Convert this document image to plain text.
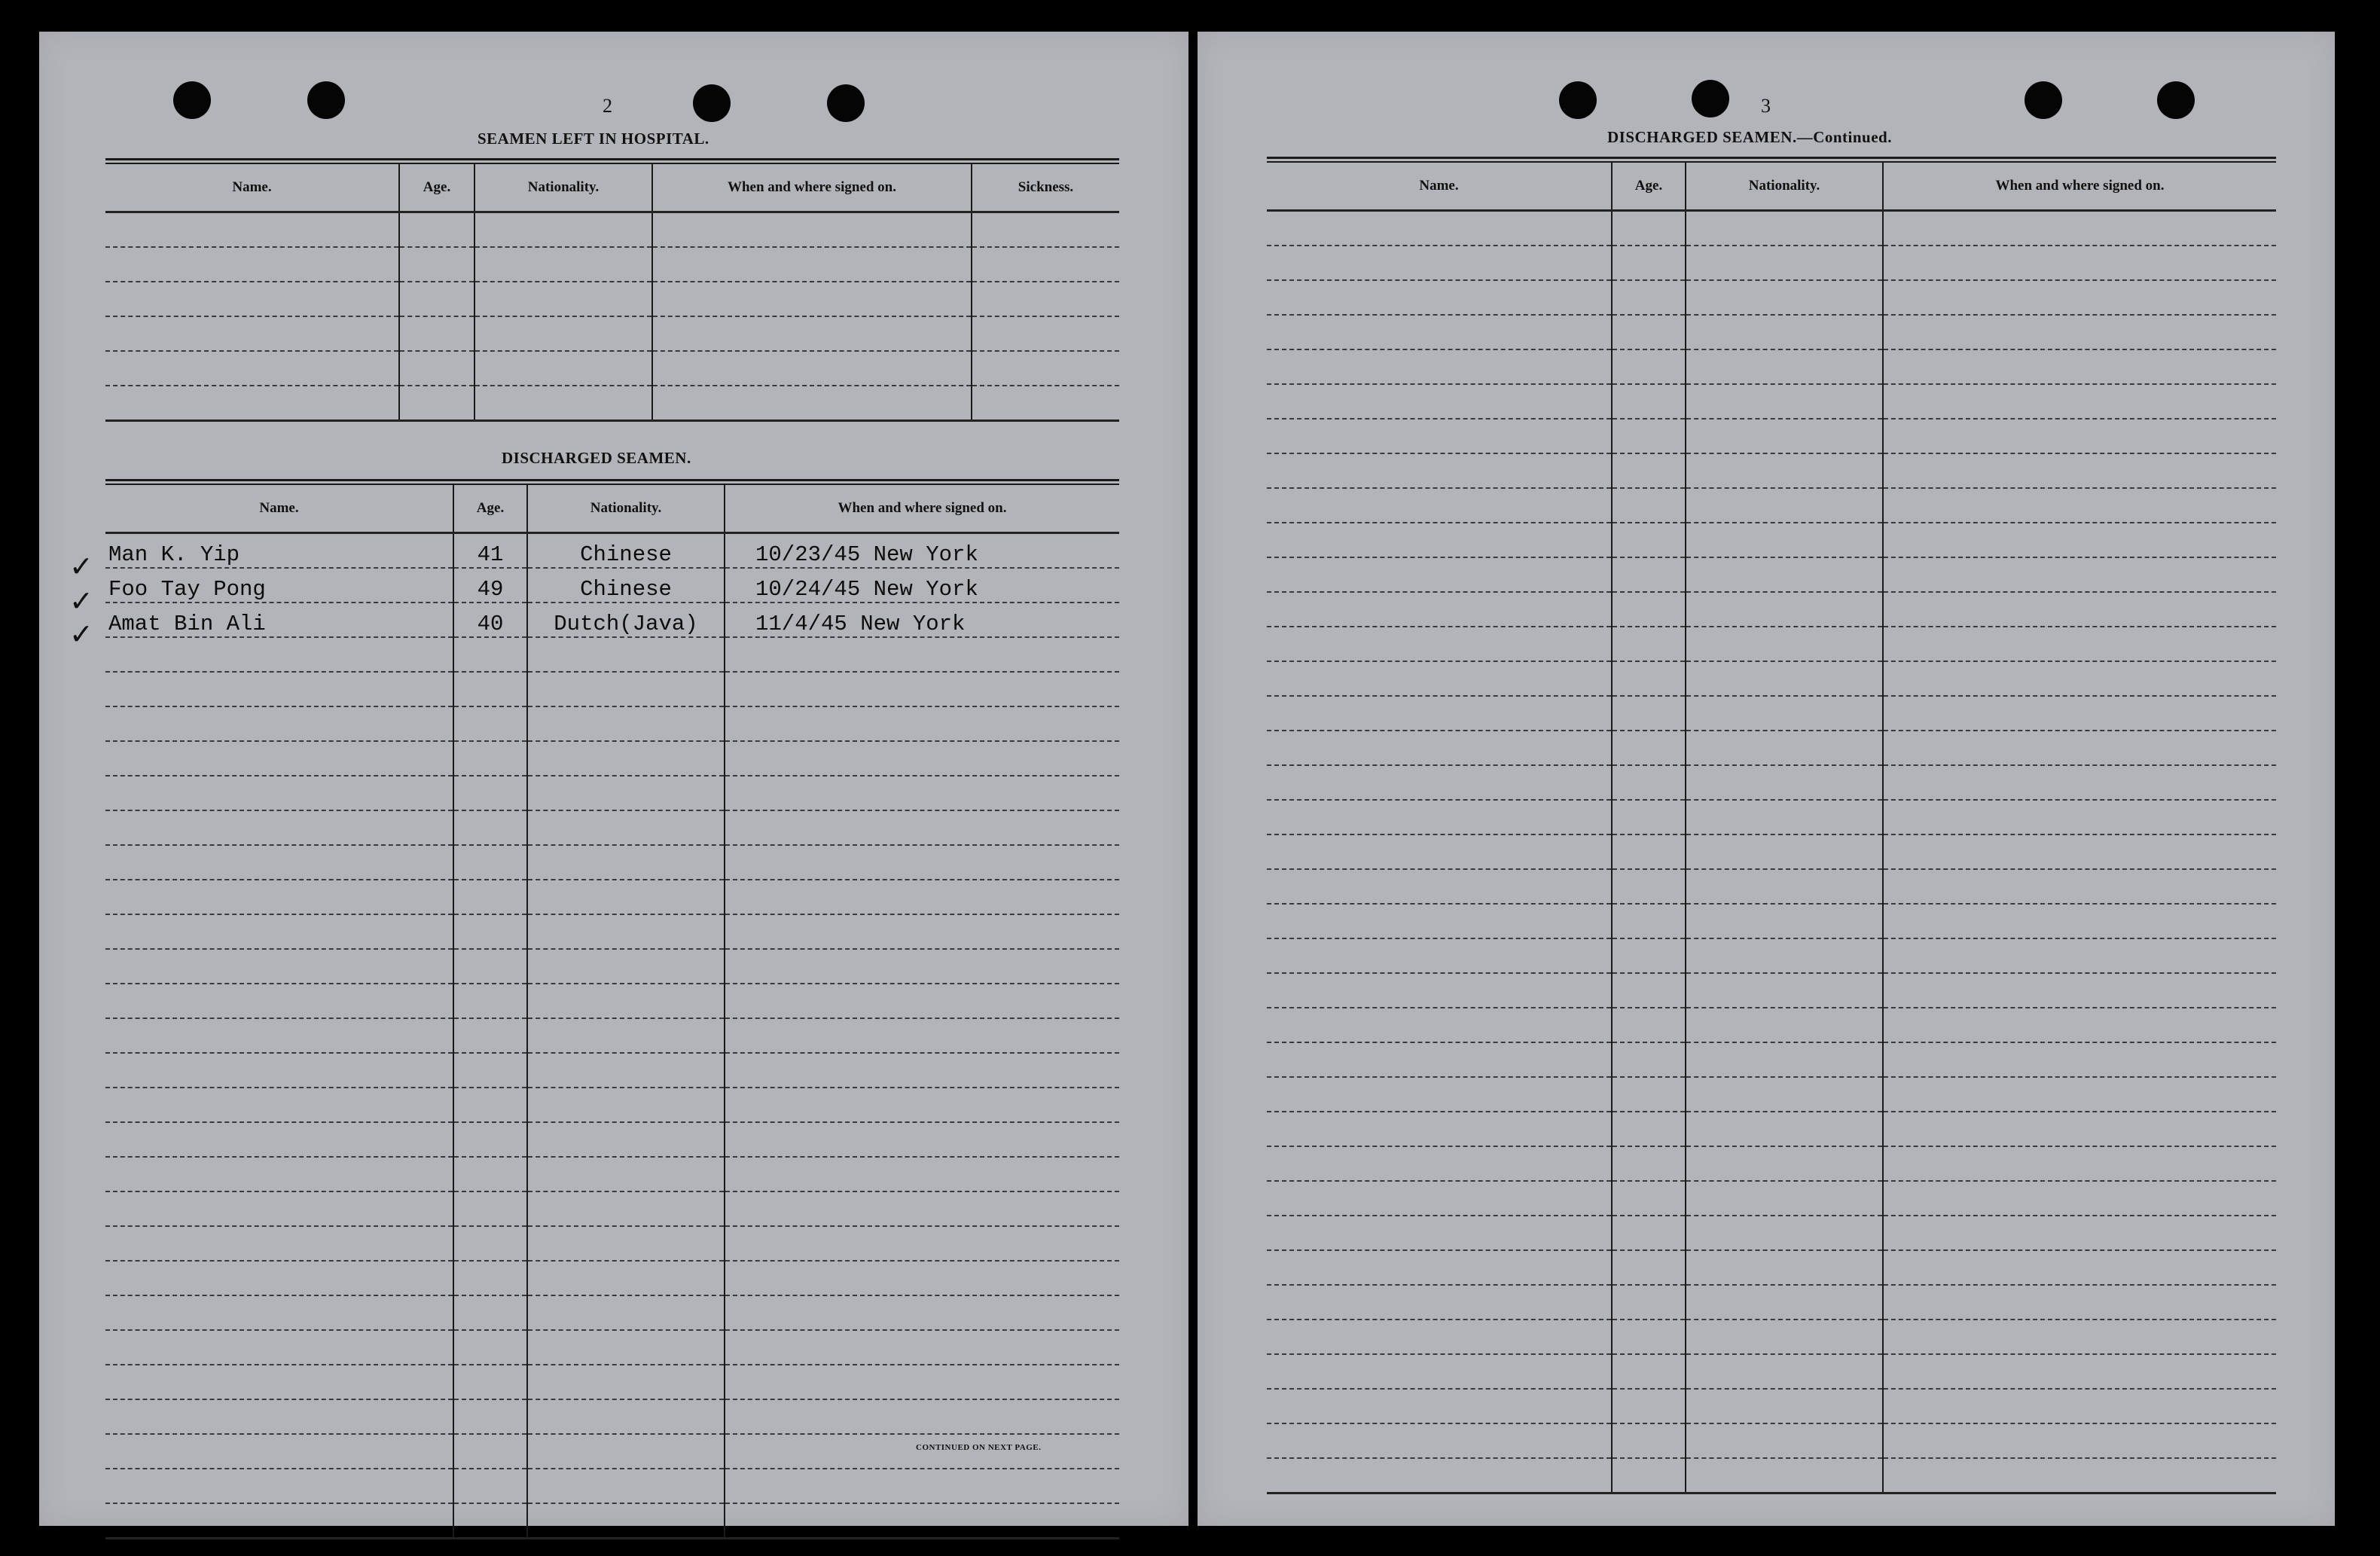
2
SEAMEN LEFT IN HOSPITAL.
Name.	Age.	Nationality.	When and where signed on.	Sickness.

DISCHARGED SEAMEN.
Name.	Age.	Nationality.	When and where signed on.
Man K. Yip	41	Chinese	10/23/45 New York
Foo Tay Pong	49	Chinese	10/24/45 New York
Amat Bin Ali	40	Dutch(Java)	11/4/45 New York

✓
✓
✓
CONTINUED ON NEXT PAGE.
3
DISCHARGED SEAMEN.—Continued.
Name.	Age.	Nationality.	When and where signed on.
